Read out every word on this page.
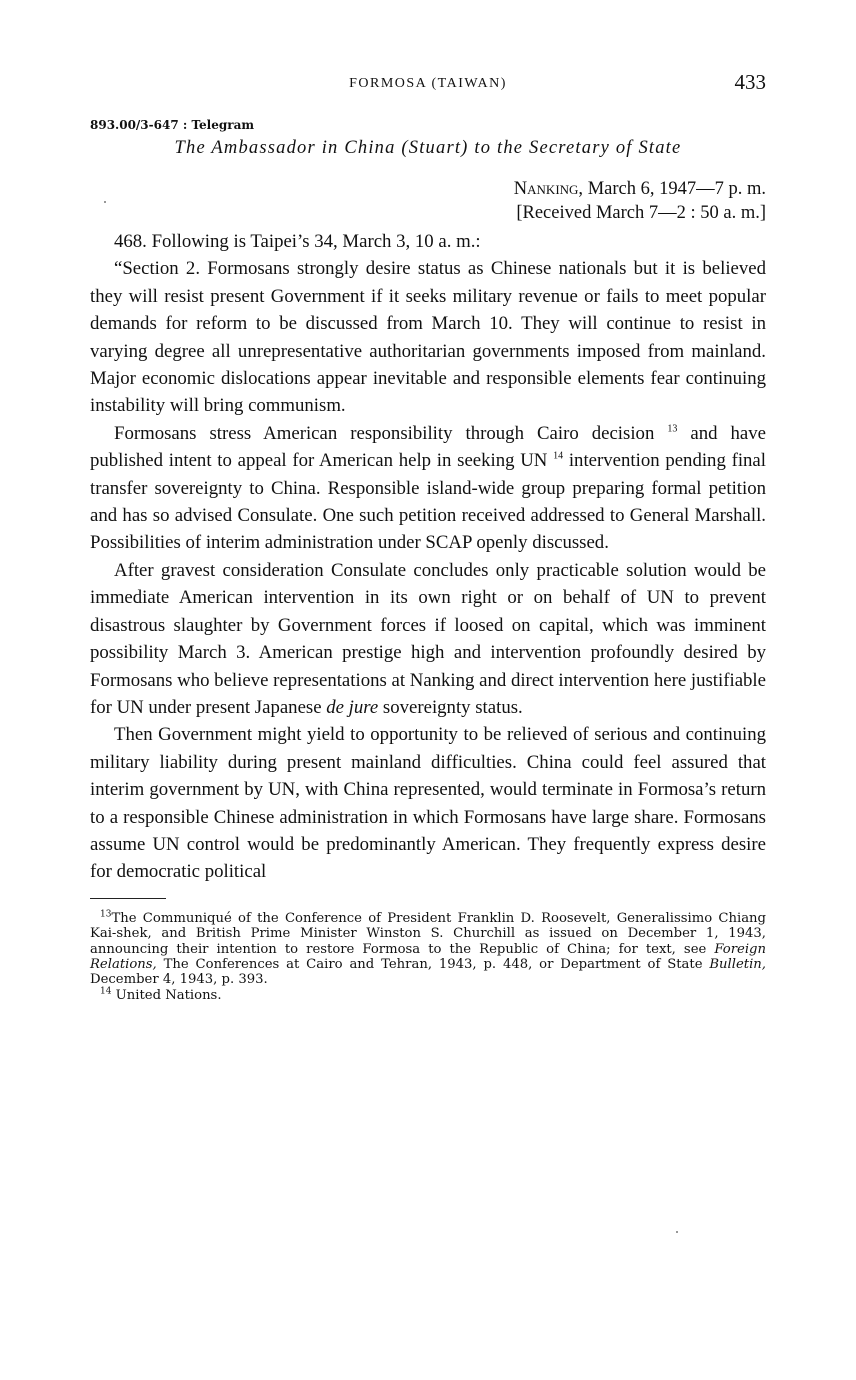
FORMOSA (TAIWAN)	433
893.00/3-647 : Telegram
The Ambassador in China (Stuart) to the Secretary of State
Nanking, March 6, 1947—7 p. m.
[Received March 7—2 : 50 a. m.]

468. Following is Taipei’s 34, March 3, 10 a. m.:

“Section 2. Formosans strongly desire status as Chinese nationals but it is believed they will resist present Government if it seeks military revenue or fails to meet popular demands for reform to be discussed from March 10. They will continue to resist in varying degree all unrepresentative authoritarian governments imposed from mainland. Major economic dislocations appear inevitable and responsible elements fear continuing instability will bring communism.

Formosans stress American responsibility through Cairo decision $^{13}$ and have published intent to appeal for American help in seeking UN $^{14}$ intervention pending final transfer sovereignty to China. Responsible island-wide group preparing formal petition and has so advised Consulate. One such petition received addressed to General Marshall. Possibilities of interim administration under SCAP openly discussed.

After gravest consideration Consulate concludes only practicable solution would be immediate American intervention in its own right or on behalf of UN to prevent disastrous slaughter by Government forces if loosed on capital, which was imminent possibility March 3. American prestige high and intervention profoundly desired by Formosans who believe representations at Nanking and direct intervention here justifiable for UN under present Japanese de jure sovereignty status.

Then Government might yield to opportunity to be relieved of serious and continuing military liability during present mainland difficulties. China could feel assured that interim government by UN, with China represented, would terminate in Formosa’s return to a responsible Chinese administration in which Formosans have large share. Formosans assume UN control would be predominantly American. They frequently express desire for democratic political

$^{13}$The Communiqué of the Conference of President Franklin D. Roosevelt, Generalissimo Chiang Kai-shek, and British Prime Minister Winston S. Churchill as issued on December 1, 1943, announcing their intention to restore Formosa to the Republic of China; for text, see Foreign Relations, The Conferences at Cairo and Tehran, 1943, p. 448, or Department of State Bulletin, December 4, 1943, p. 393.

$^{14}$ United Nations.
